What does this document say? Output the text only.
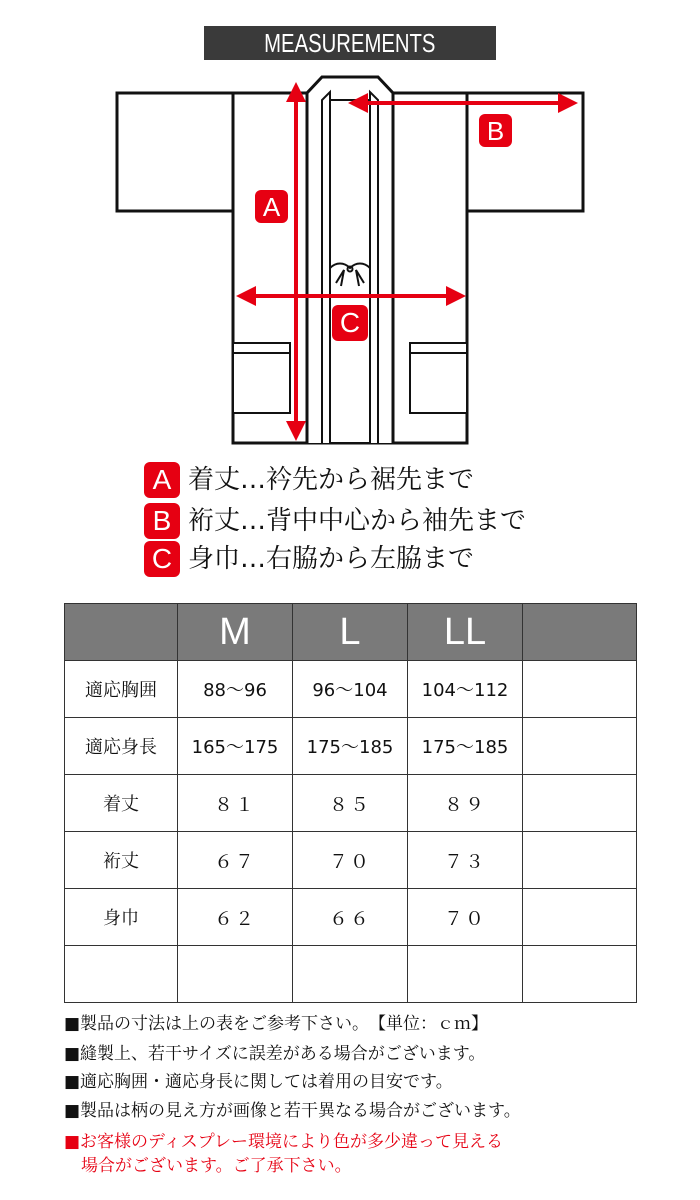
MEASUREMENTS
A
B
C
A 着丈…衿先から裾先まで
B 裄丈…背中中心から袖先まで
C 身巾…右脇から左脇まで
	M	L	LL	
適応胸囲	88～96	96～104	104～112	
適応身長	165～175	175～185	175～185	
着丈	８１	８５	８９	
裄丈	６７	７０	７３	
身巾	６２	６６	７０	

■製品の寸法は上の表をご参考下さい。　【単位：ｃｍ】
■縫製上、若干サイズに誤差がある場合がございます。
■適応胸囲・適応身長に関しては着用の目安です。
■製品は柄の見え方が画像と若干異なる場合がございます。
■お客様のディスプレー環境により色が多少違って見える
　場合がございます。ご了承下さい。
